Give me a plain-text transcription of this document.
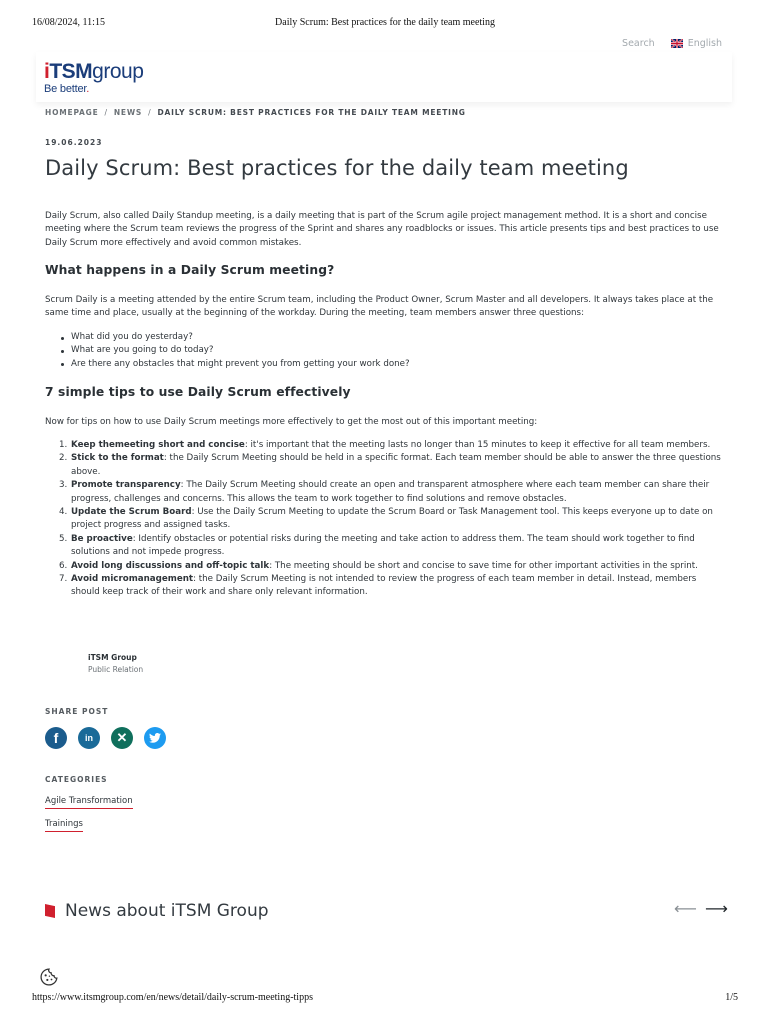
16/08/2024, 11:15	Daily Scrum: Best practices for the daily team meeting
Search	English
i TSM group
Be better.
HOMEPAGE / NEWS / DAILY SCRUM: BEST PRACTICES FOR THE DAILY TEAM MEETING
19.06.2023
Daily Scrum: Best practices for the daily team meeting

Daily Scrum, also called Daily Standup meeting, is a daily meeting that is part of the Scrum agile project management method. It is a short and concise meeting where the Scrum team reviews the progress of the Sprint and shares any roadblocks or issues. This article presents tips and best practices to use Daily Scrum more effectively and avoid common mistakes.

What happens in a Daily Scrum meeting?

Scrum Daily is a meeting attended by the entire Scrum team, including the Product Owner, Scrum Master and all developers. It always takes place at the same time and place, usually at the beginning of the workday. During the meeting, team members answer three questions:

What did you do yesterday?
What are you going to do today?
Are there any obstacles that might prevent you from getting your work done?
7 simple tips to use Daily Scrum effectively

Now for tips on how to use Daily Scrum meetings more effectively to get the most out of this important meeting:

1. Keep themeeting short and concise: it's important that the meeting lasts no longer than 15 minutes to keep it effective for all team members.
2. Stick to the format: the Daily Scrum Meeting should be held in a specific format. Each team member should be able to answer the three questions above.
3. Promote transparency: The Daily Scrum Meeting should create an open and transparent atmosphere where each team member can share their progress, challenges and concerns. This allows the team to work together to find solutions and remove obstacles.
4. Update the Scrum Board: Use the Daily Scrum Meeting to update the Scrum Board or Task Management tool. This keeps everyone up to date on project progress and assigned tasks.
5. Be proactive: Identify obstacles or potential risks during the meeting and take action to address them. The team should work together to find solutions and not impede progress.
6. Avoid long discussions and off-topic talk: The meeting should be short and concise to save time for other important activities in the sprint.
7. Avoid micromanagement: the Daily Scrum Meeting is not intended to review the progress of each team member in detail. Instead, members should keep track of their work and share only relevant information.
iTSM Group
Public Relation
SHARE POST
f	in	✕
CATEGORIES
Agile Transformation
Trainings
News about iTSM Group	⟵ ⟶
https://www.itsmgroup.com/en/news/detail/daily-scrum-meeting-tipps	1/5
